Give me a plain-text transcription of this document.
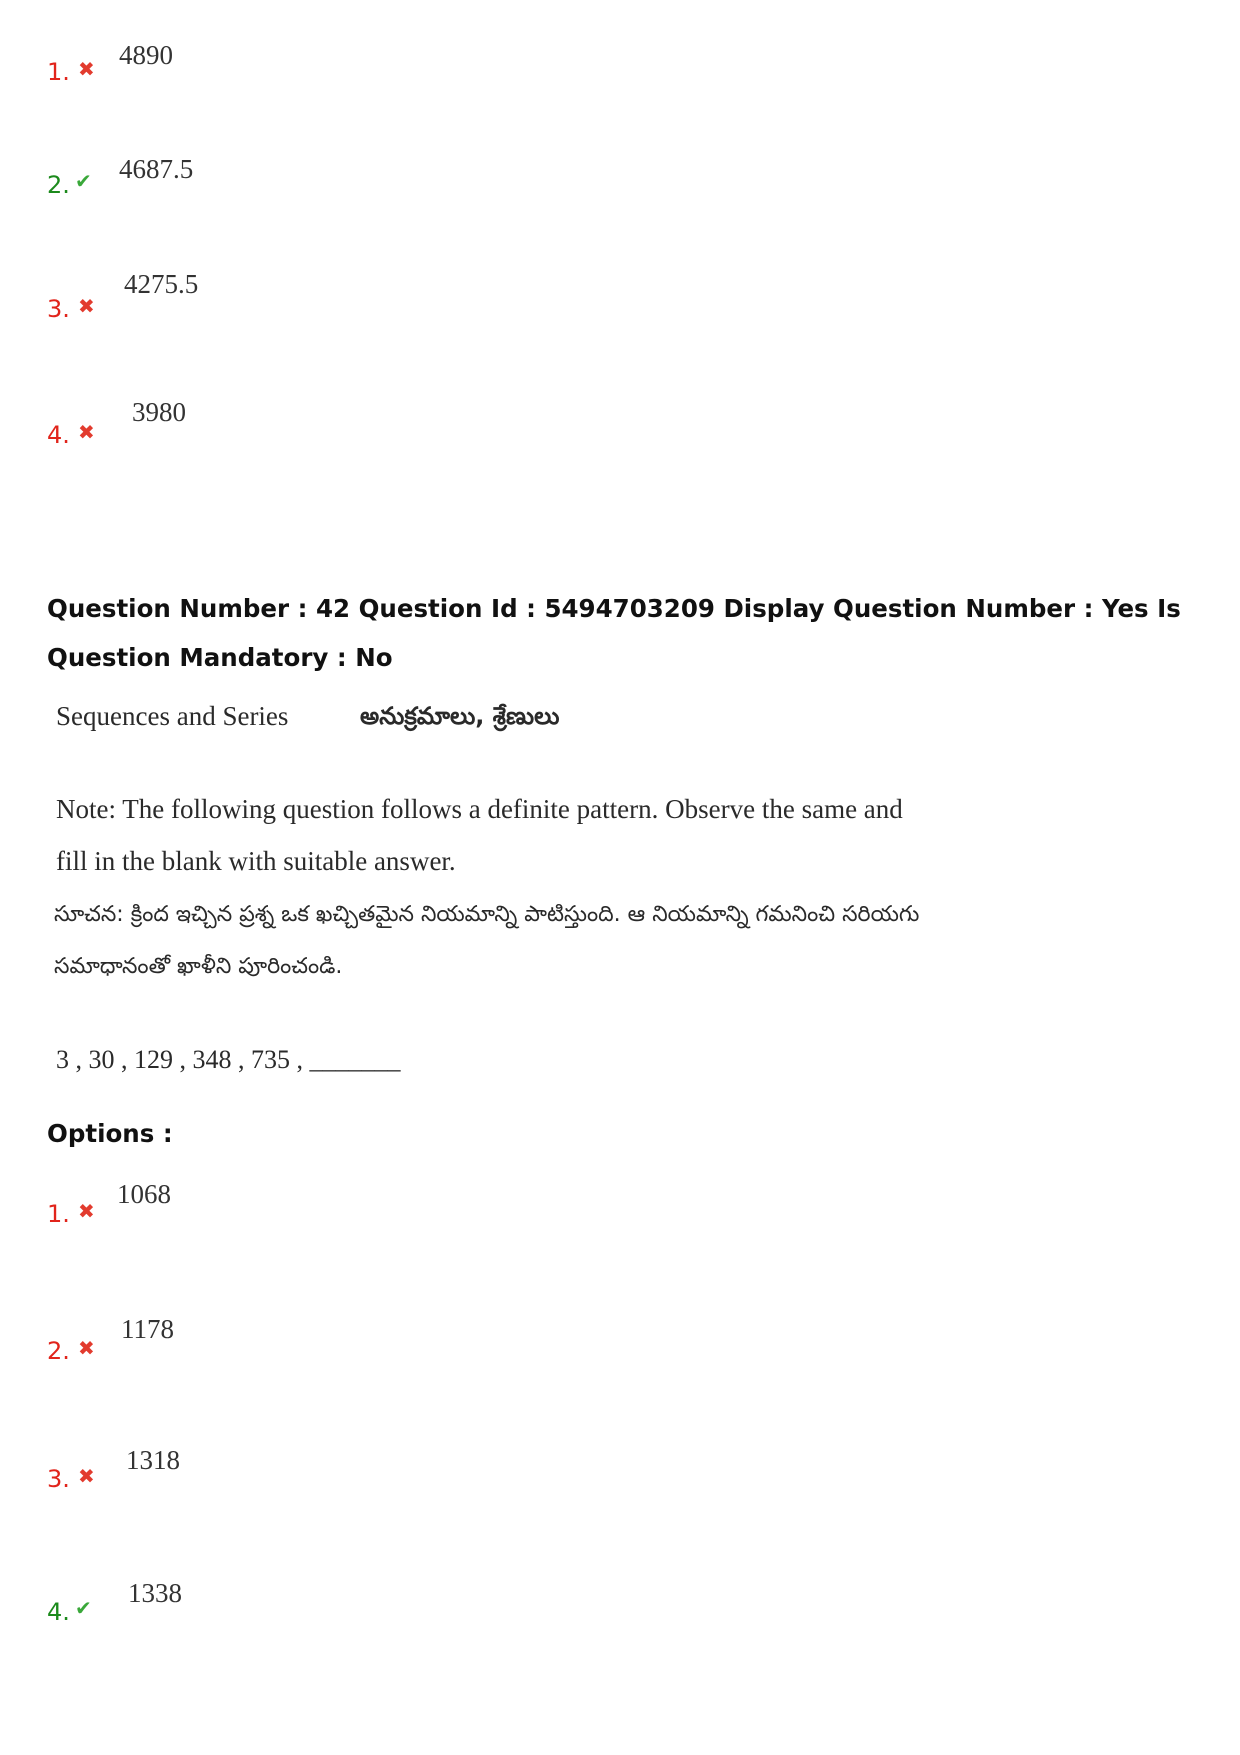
1. ✖ 4890
2. ✔ 4687.5
3. ✖
4275.5
4. ✖
3980
Question Number : 42 Question Id : 5494703209 Display Question Number : Yes Is Question Mandatory : No
Sequences and Series	అనుక్రమాలు, శ్రేణులు
Note: The following question follows a definite pattern. Observe the same and fill in the blank with suitable answer.
సూచన: క్రింద ఇచ్చిన ప్రశ్న ఒక ఖచ్చితమైన నియమాన్ని పాటిస్తుంది. ఆ నియమాన్ని గమనించి సరియగు సమాధానంతో ఖాళీని పూరించండి.
3 , 30 , 129 , 348 , 735 , _______
Options :
1. ✖
1068
2. ✖
1178
3. ✖
1318
4. ✔ 1338
